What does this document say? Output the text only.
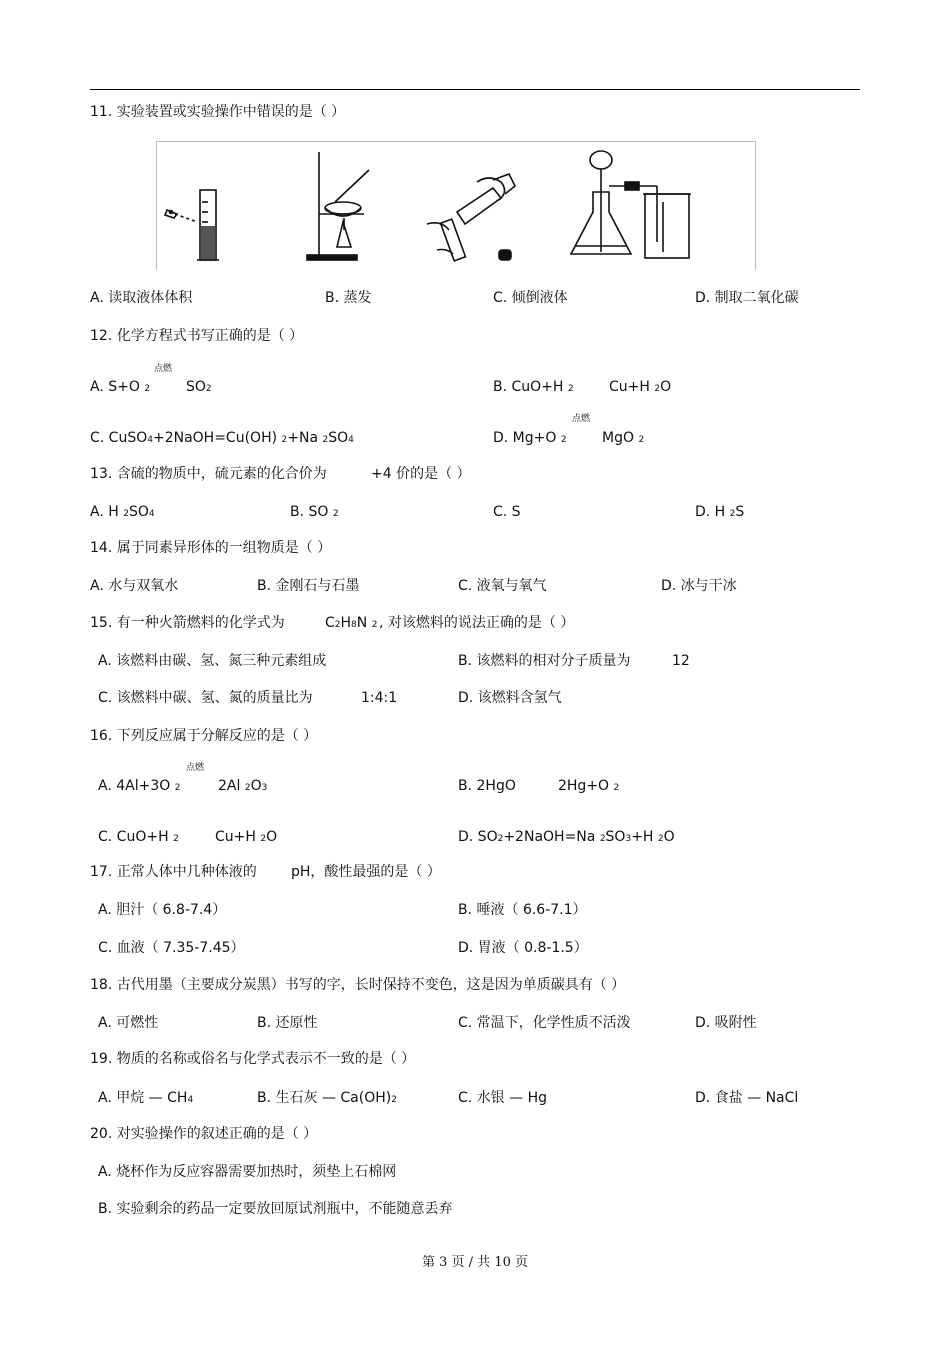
11. 实验装置或实验操作中错误的是（ ）
A. 读取液体体积	B. 蒸发	C. 倾倒液体	D. 制取二氧化碳
12. 化学方程式书写正确的是（ ）
点燃
A. S+O 2	SO2	B. CuO+H 2	Cu+H 2O
C. CuSO4+2NaOH=Cu(OH) 2+Na 2SO4
点燃
D. Mg+O 2	MgO 2
13. 含硫的物质中，硫元素的化合价为	+4 价的是（ ）
A. H 2SO4	B. SO 2	C. S	D. H 2S
14. 属于同素异形体的一组物质是（ ）
A. 水与双氧水	B. 金刚石与石墨	C. 液氧与氧气	D. 冰与干冰
15. 有一种火箭燃料的化学式为	C2H8N 2 , 对该燃料的说法正确的是（ ）
A. 该燃料由碳、氢、氮三种元素组成	B. 该燃料的相对分子质量为	12
C. 该燃料中碳、氢、氮的质量比为	1:4:1	D. 该燃料含氢气
16. 下列反应属于分解反应的是（ ）
点燃
A. 4Al+3O 2	2Al 2O3	B. 2HgO	2Hg+O 2
C. CuO+H 2	Cu+H 2O	D. SO2+2NaOH=Na 2SO3+H 2O
17. 正常人体中几种体液的 pH，酸性最强的是（ ）
A. 胆汁（ 6.8-7.4）	B. 唾液（ 6.6-7.1）
C. 血液（ 7.35-7.45）	D. 胃液（ 0.8-1.5）
18. 古代用墨（主要成分炭黑）书写的字，长时保持不变色，这是因为单质碳具有（ ）
A. 可燃性	B. 还原性	C. 常温下，化学性质不活泼	D. 吸附性
19. 物质的名称或俗名与化学式表示不一致的是（ ）
A. 甲烷 — CH4	B. 生石灰 — Ca(OH)2	C. 水银 — Hg	D. 食盐 — NaCl
20. 对实验操作的叙述正确的是（ ）
A. 烧杯作为反应容器需要加热时，须垫上石棉网
B. 实验剩余的药品一定要放回原试剂瓶中，不能随意丢弃
第 3 页 / 共 10 页
